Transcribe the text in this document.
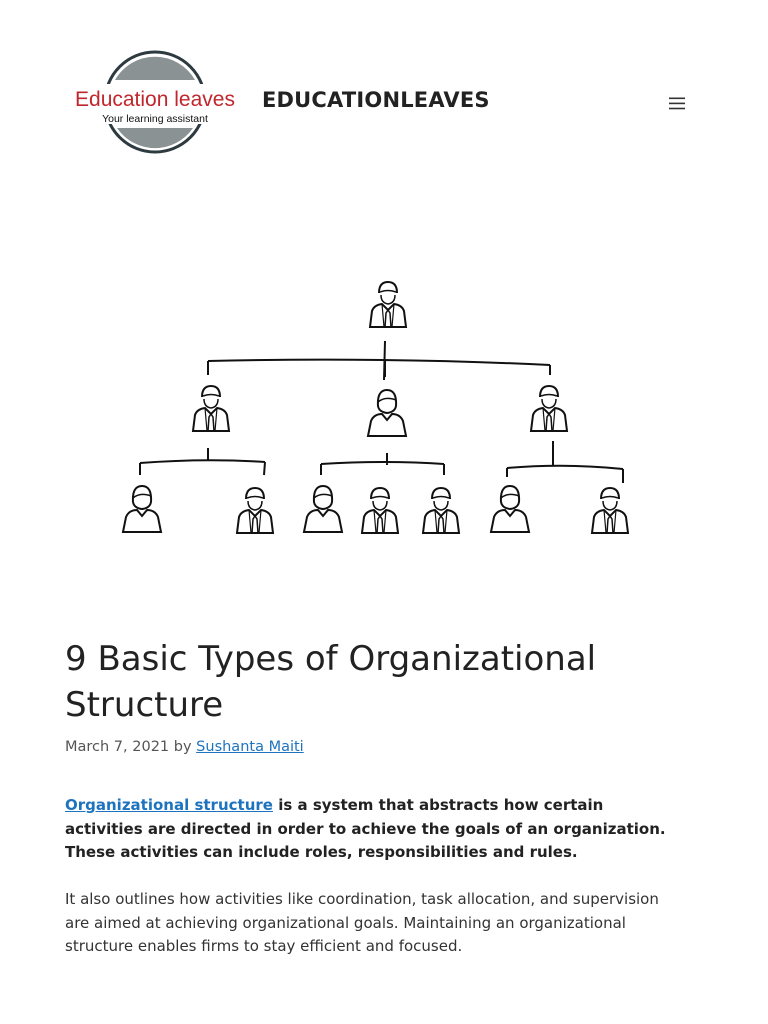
Education leaves
Your learning assistant
EDUCATIONLEAVES
9 Basic Types of Organizational Structure
March 7, 2021 by Sushanta Maiti

Organizational structure is a system that abstracts how certain activities are directed in order to achieve the goals of an organization. These activities can include roles, responsibilities and rules.

It also outlines how activities like coordination, task allocation, and supervision are aimed at achieving organizational goals. Maintaining an organizational structure enables firms to stay efficient and focused.
